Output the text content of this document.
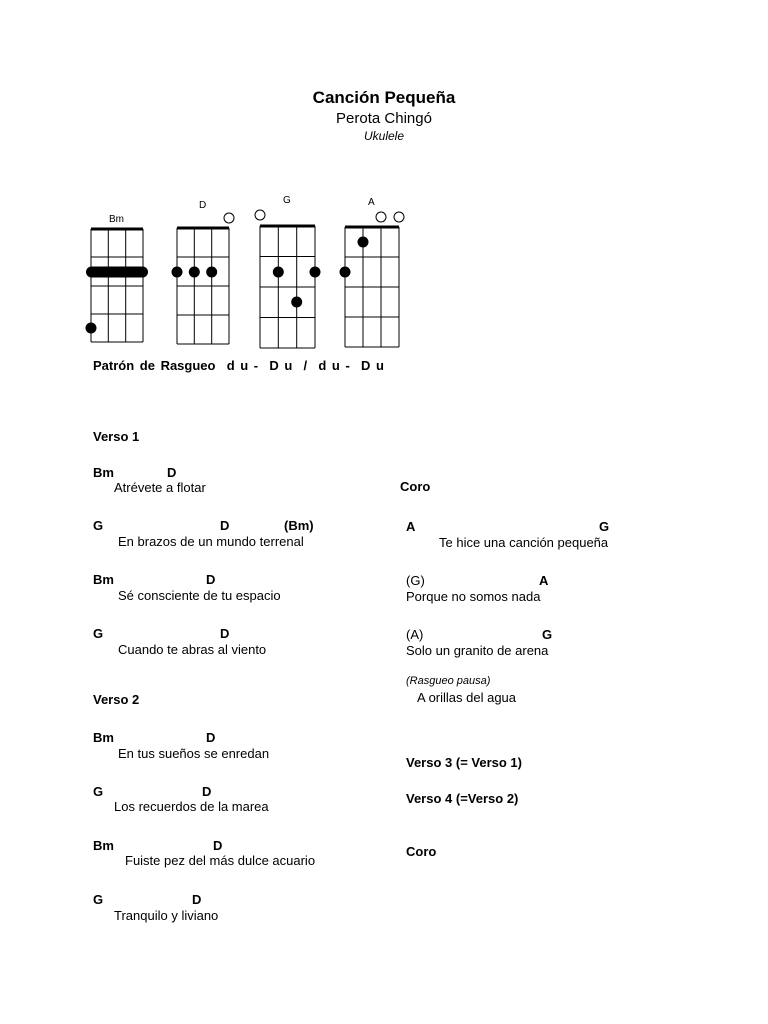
Canción Pequeña
Perota Chingó
Ukulele
Bm
D	G	A
Patrón de Rasgueo d u -  D u  /  d u -  D u
Verso 1
Bm	D
Atrévete a flotar
G	D	(Bm)
En brazos de un mundo terrenal
Bm	D
Sé consciente de tu espacio
G	D
Cuando te abras al viento
Verso 2
Bm	D
En tus sueños se enredan
G	D
Los recuerdos de la marea
Bm	D
Fuiste pez del más dulce acuario
G	D
Tranquilo y liviano
Coro
A	G
Te hice una canción pequeña
(G)	A
Porque no somos nada
(A)	G
Solo un granito de arena
(Rasgueo pausa)
A orillas del agua
Verso 3 (= Verso 1)
Verso 4 (=Verso 2)
Coro
